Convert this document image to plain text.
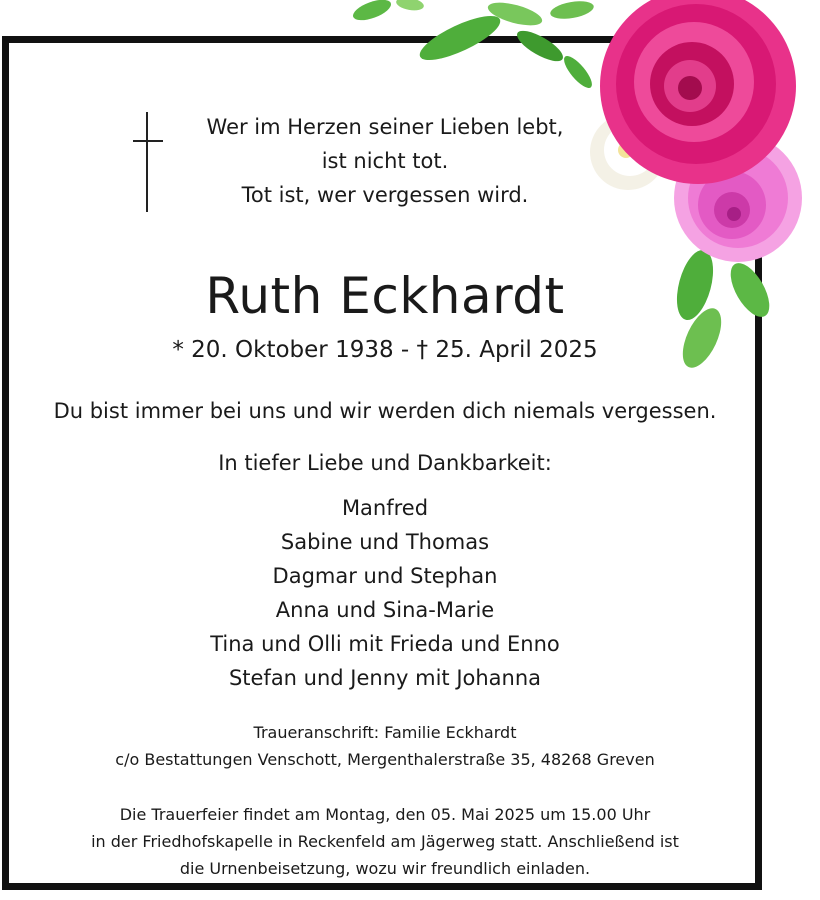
Wer im Herzen seiner Lieben lebt,
ist nicht tot.
Tot ist, wer vergessen wird.
Ruth Eckhardt
* 20. Oktober 1938 - † 25. April 2025
Du bist immer bei uns und wir werden dich niemals vergessen.
In tiefer Liebe und Dankbarkeit:
Manfred
Sabine und Thomas
Dagmar und Stephan
Anna und Sina-Marie
Tina und Olli mit Frieda und Enno
Stefan und Jenny mit Johanna
Traueranschrift: Familie Eckhardt
c/o Bestattungen Venschott, Mergenthalerstraße 35, 48268 Greven
Die Trauerfeier findet am Montag, den 05. Mai 2025 um 15.00 Uhr
in der Friedhofskapelle in Reckenfeld am Jägerweg statt. Anschließend ist
die Urnenbeisetzung, wozu wir freundlich einladen.
